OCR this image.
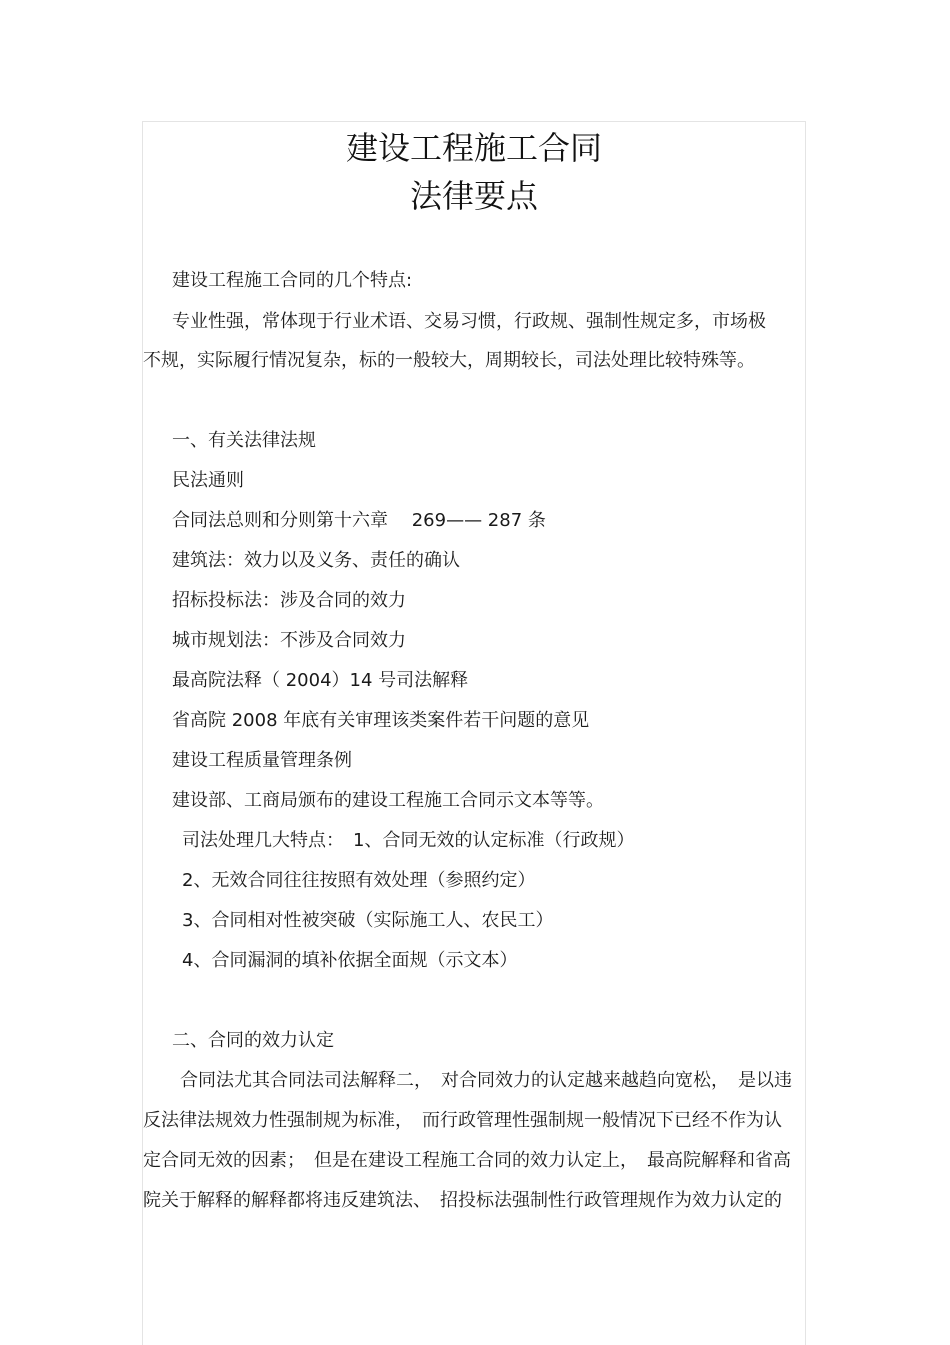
建设工程施工合同
法律要点
建设工程施工合同的几个特点:
专业性强，常体现于行业术语、交易习惯，行政规、强制性规定多，市场极
不规，实际履行情况复杂，标的一般较大，周期较长，司法处理比较特殊等。
一、有关法律法规
民法通则
合同法总则和分则第十六章　 269—— 287 条
建筑法：效力以及义务、责任的确认
招标投标法：涉及合同的效力
城市规划法：不涉及合同效力
最高院法释（ 2004）14 号司法解释
省高院 2008 年底有关审理该类案件若干问题的意见
建设工程质量管理条例
建设部、工商局颁布的建设工程施工合同示文本等等。
司法处理几大特点：　1、合同无效的认定标准（行政规）
2、无效合同往往按照有效处理（参照约定）
3、合同相对性被突破（实际施工人、农民工）
4、合同漏洞的填补依据全面规（示文本）
二、合同的效力认定
　合同法尤其合同法司法解释二，　对合同效力的认定越来越趋向宽松，　是以违
反法律法规效力性强制规为标准，　而行政管理性强制规一般情况下已经不作为认
定合同无效的因素；　但是在建设工程施工合同的效力认定上，　最高院解释和省高
院关于解释的解释都将违反建筑法、　招投标法强制性行政管理规作为效力认定的
